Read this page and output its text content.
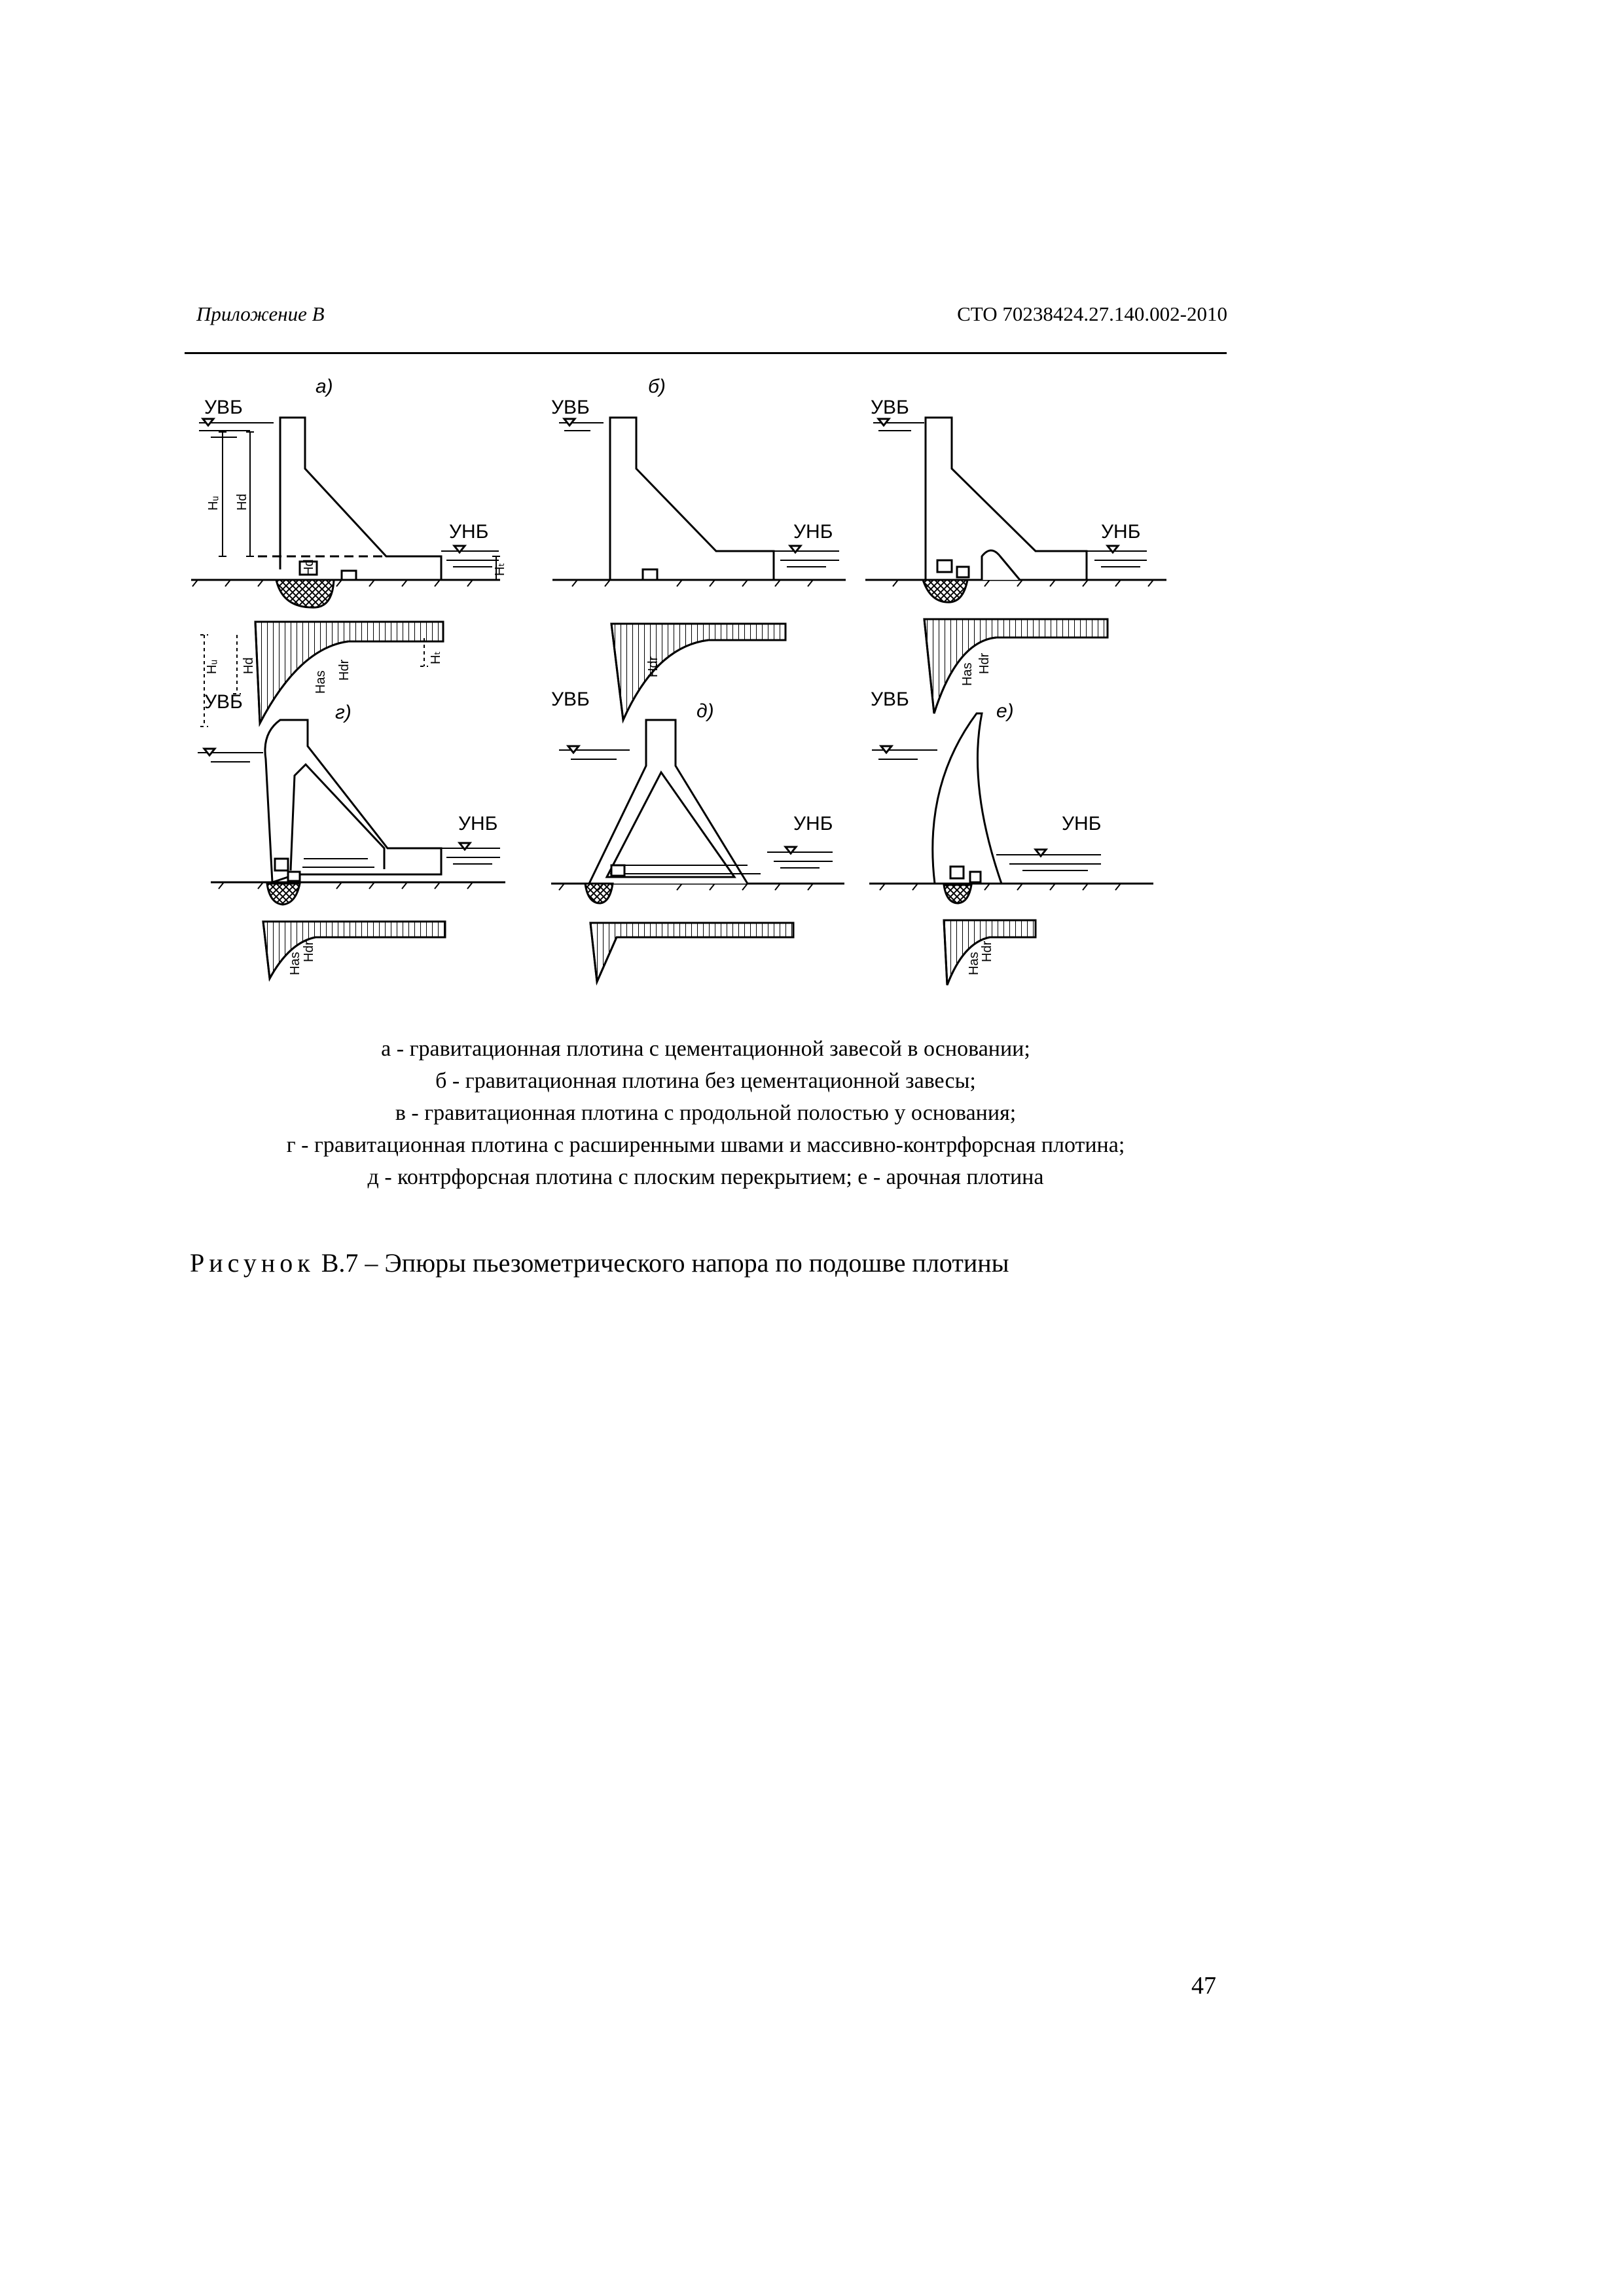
Приложение В	СТО 70238424.27.140.002-2010
УВБ
а)
УНБ
УВБ
б)
УНБ
УВБ
УНБ
УВБ	г)
УНБ
УВБ
д)
УНБ
УВБ
е)
УНБ
Hᵤ Hd
Hₜ
Hd
Hᵤ Hd
Has
Hdr
Hₜ	Hdr	Has Hdr
Has
Hdr
Has
Hdr
а - гравитационная плотина с цементационной завесой в основании;
б - гравитационная плотина без цементационной завесы;
в - гравитационная плотина с продольной полостью у основания;
г - гравитационная плотина с расширенными швами и массивно-контрфорсная плотина;
д - контрфорсная плотина с плоским перекрытием; е - арочная плотина
Рисунок В.7 – Эпюры пьезометрического напора по подошве плотины
47
